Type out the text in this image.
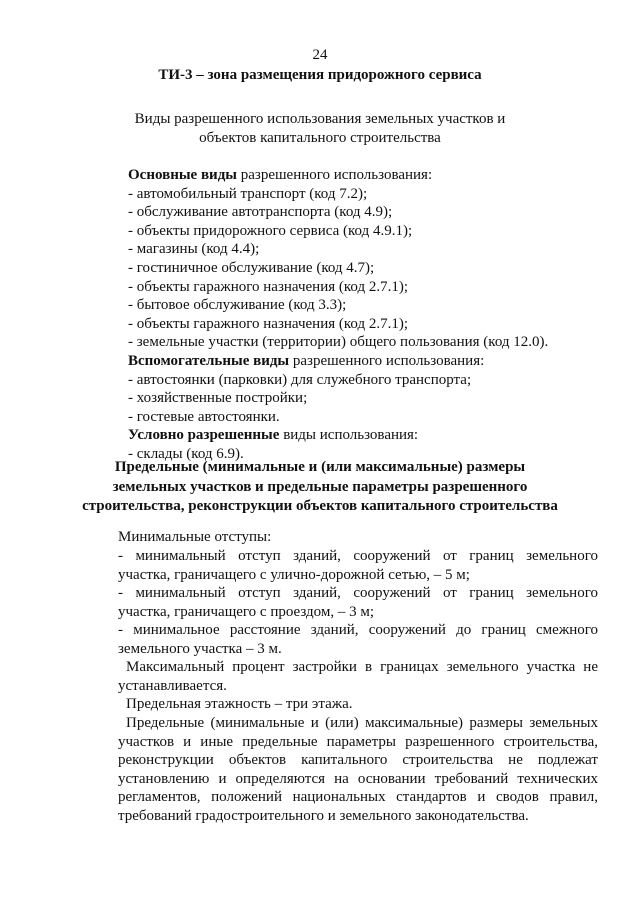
24
ТИ-3 – зона размещения придорожного сервиса
Виды разрешенного использования земельных участков и
объектов капитального строительства
Основные виды разрешенного использования:
- автомобильный транспорт (код 7.2);
- обслуживание автотранспорта (код 4.9);
- объекты придорожного сервиса (код 4.9.1);
- магазины (код 4.4);
- гостиничное обслуживание (код 4.7);
- объекты гаражного назначения (код 2.7.1);
- бытовое обслуживание (код 3.3);
- объекты гаражного назначения (код 2.7.1);
- земельные участки (территории) общего пользования (код 12.0).
Вспомогательные виды разрешенного использования:
- автостоянки (парковки) для служебного транспорта;
- хозяйственные постройки;
- гостевые автостоянки.
Условно разрешенные виды использования:
- склады (код 6.9).
Предельные (минимальные и (или максимальные) размеры
земельных участков и предельные параметры разрешенного
строительства, реконструкции объектов капитального строительства
Минимальные отступы:
- минимальный отступ зданий, сооружений от границ земельного
участка, граничащего с улично-дорожной сетью, – 5 м;
- минимальный отступ зданий, сооружений от границ земельного
участка, граничащего с проездом, – 3 м;
- минимальное расстояние зданий, сооружений до границ смежного
земельного участка – 3 м.
Максимальный процент застройки в границах земельного участка не
устанавливается.
Предельная этажность – три этажа.
Предельные (минимальные и (или) максимальные) размеры земельных
участков и иные предельные параметры разрешенного строительства,
реконструкции объектов капитального строительства не подлежат
установлению и определяются на основании требований технических
регламентов, положений национальных стандартов и сводов правил,
требований градостроительного и земельного законодательства.
